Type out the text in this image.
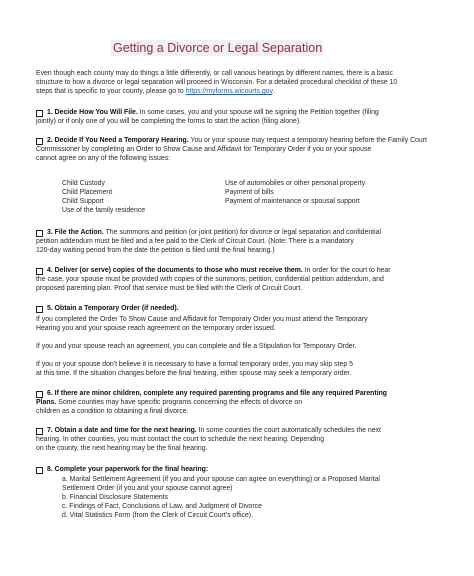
Getting a Divorce or Legal Separation
Even though each county may do things a little differently, or call various hearings by different names, there is a basic
structure to how a divorce or legal separation will proceed in Wisconsin. For a detailed procedural checklist of these 10
steps that is specific to your county, please go to https://myforms.wicourts.gov.
1. Decide How You Will File. In some cases, you and your spouse will be signing the Petition together (filing
jointly) or if only one of you will be completing the forms to start the action (filing alone).
2. Decide If You Need a Temporary Hearing. You or your spouse may request a temporary hearing before the Family Court
Commissioner by completing an Order to Show Cause and Affidavit for Temporary Order if you or your spouse
cannot agree on any of the following issues:
Child Custody
Child Placement
Child Support
Use of the family residence
Use of automobiles or other personal property
Payment of bills
Payment of maintenance or spousal support
3. File the Action. The summons and petition (or joint petition) for divorce or legal separation and confidential
petition addendum must be filed and a fee paid to the Clerk of Circuit Court. (Note: There is a mandatory
120-day waiting period from the date the petition is filed until the final hearing.)
4. Deliver (or serve) copies of the documents to those who must receive them. In order for the court to hear
the case, your spouse must be provided with copies of the summons, petition, confidential petition addendum, and
proposed parenting plan. Proof that service must be filed with the Clerk of Circuit Court.
5. Obtain a Temporary Order (if needed).
If you completed the Order To Show Cause and Affidavit for Temporary Order you must attend the Temporary
Hearing you and your spouse reach agreement on the temporary order issued.
If you and your spouse reach an agreement, you can complete and file a Stipulation for Temporary Order.
If you or your spouse don't believe it is necessary to have a formal temporary order, you may skip step 5
at this time. If the situation changes before the final hearing, either spouse may seek a temporary order.
6. If there are minor children, complete any required parenting programs and file any required Parenting
Plans. Some counties may have specific programs concerning the effects of divorce on
children as a condition to obtaining a final divorce.
7. Obtain a date and time for the next hearing. In some counties the court automatically schedules the next
hearing. In other counties, you must contact the court to schedule the next hearing. Depending
on the county, the next hearing may be the final hearing.
8. Complete your paperwork for the final hearing:
a. Marital Settlement Agreement (if you and your spouse can agree on everything) or a Proposed Marital
Settlement Order (if you and your spouse cannot agree)
b. Financial Disclosure Statements
c. Findings of Fact, Conclusions of Law, and Judgment of Divorce
d. Vital Statistics Form (from the Clerk of Circuit Court's office).
